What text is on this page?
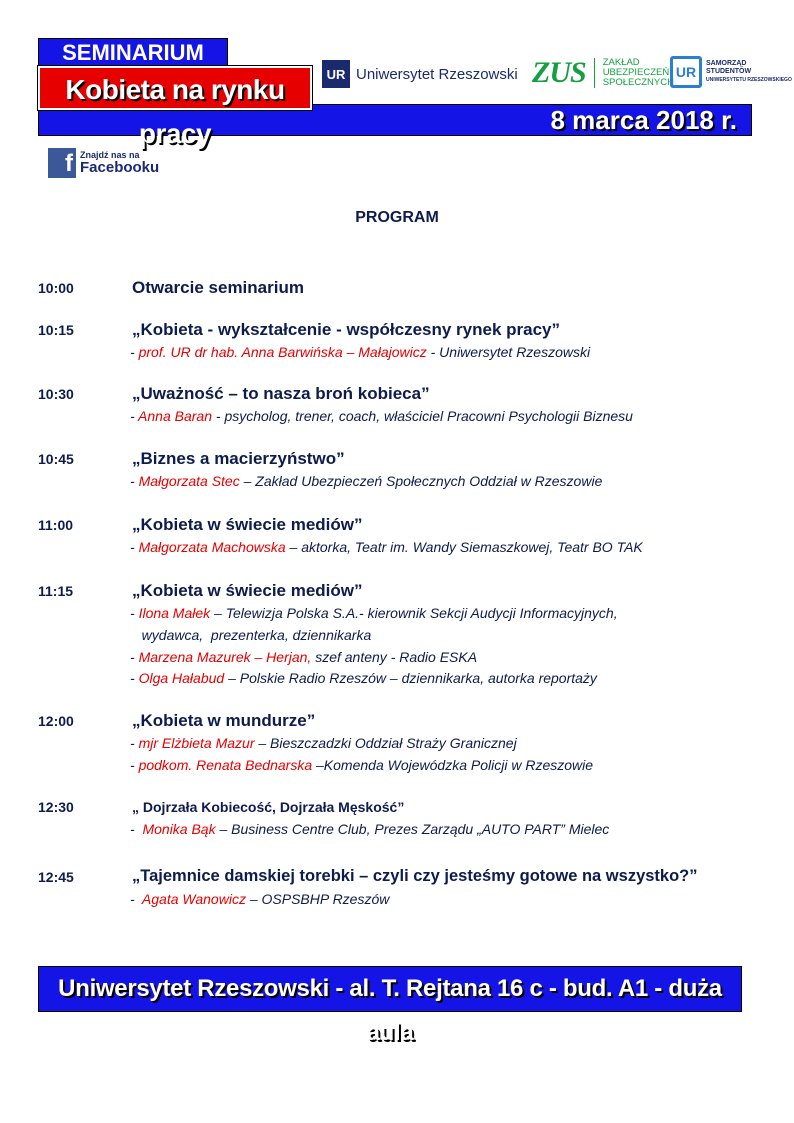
8 marca 2018 r.
SEMINARIUM
Kobieta na rynku pracy
UR Uniwersytet Rzeszowski ZUS ZAKŁAD
UBEZPIECZEŃ
SPOŁECZNYCH
UR
SAMORZĄD
STUDENTÓW
UNIWERSYTETU RZESZOWSKIEGO
f Znajdź nas na
Facebooku
PROGRAM
10:00	Otwarcie seminarium
10:15	„Kobieta - wykształcenie - współczesny rynek pracy”
- prof. UR dr hab. Anna Barwińska – Małajowicz - Uniwersytet Rzeszowski
10:30	„Uważność – to nasza broń kobieca”
- Anna Baran - psycholog, trener, coach, właściciel Pracowni Psychologii Biznesu
10:45	„Biznes a macierzyństwo”
- Małgorzata Stec – Zakład Ubezpieczeń Społecznych Oddział w Rzeszowie
11:00	„Kobieta w świecie mediów”
- Małgorzata Machowska – aktorka, Teatr im. Wandy Siemaszkowej, Teatr BO TAK
11:15	„Kobieta w świecie mediów”
- Ilona Małek – Telewizja Polska S.A.- kierownik Sekcji Audycji Informacyjnych,
wydawca,  prezenterka, dziennikarka
- Marzena Mazurek – Herjan, szef anteny - Radio ESKA
- Olga Hałabud – Polskie Radio Rzeszów – dziennikarka, autorka reportaży
12:00	„Kobieta w mundurze”
- mjr Elżbieta Mazur – Bieszczadzki Oddział Straży Granicznej
- podkom. Renata Bednarska –Komenda Wojewódzka Policji w Rzeszowie
12:30	„ Dojrzała Kobiecość, Dojrzała Męskość”
-  Monika Bąk – Business Centre Club, Prezes Zarządu „AUTO PART” Mielec
12:45	„Tajemnice damskiej torebki – czyli czy jesteśmy gotowe na wszystko?”
-  Agata Wanowicz – OSPSBHP Rzeszów
Uniwersytet Rzeszowski - al. T. Rejtana 16 c - bud. A1 - duża aula
